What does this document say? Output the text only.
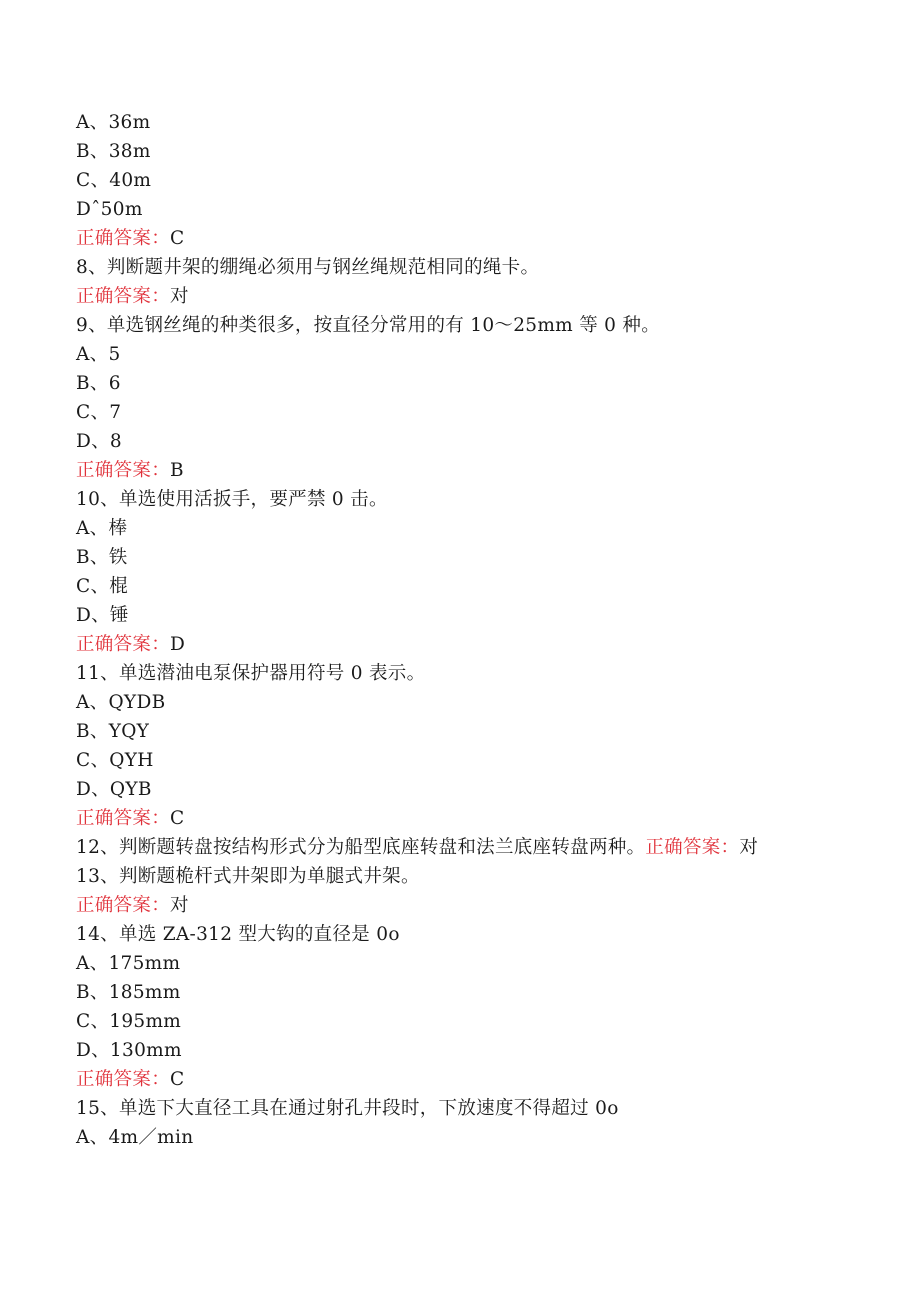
A、36m
B、38m
C、40m
Dˆ50m
正确答案：C
8、判断题井架的绷绳必须用与钢丝绳规范相同的绳卡。
正确答案：对
9、单选钢丝绳的种类很多，按直径分常用的有 10～25mm 等 0 种。
A、5
B、6
C、7
D、8
正确答案：B
10、单选使用活扳手，要严禁 0 击。
A、棒
B、铁
C、棍
D、锤
正确答案：D
11、单选潜油电泵保护器用符号 0 表示。
A、QYDB
B、YQY
C、QYH
D、QYB
正确答案：C
12、判断题转盘按结构形式分为船型底座转盘和法兰底座转盘两种。正确答案：对
13、判断题桅杆式井架即为单腿式井架。
正确答案：对
14、单选 ZA-312 型大钩的直径是 0o
A、175mm
B、185mm
C、195mm
D、130mm
正确答案：C
15、单选下大直径工具在通过射孔井段时，下放速度不得超过 0o
A、4m／min
